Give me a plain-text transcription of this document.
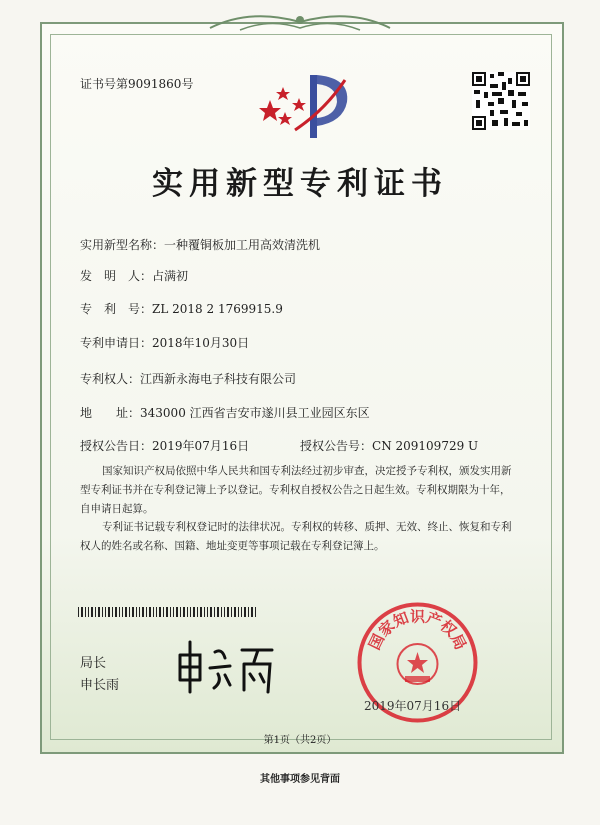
证书号第9091860号
实用新型专利证书
实用新型名称：一种覆铜板加工用高效清洗机
发　明　人：占满初
专　利　号：ZL 2018 2 1769915.9
专利申请日：2018年10月30日
专利权人：江西新永海电子科技有限公司
地　　址：343000 江西省吉安市遂川县工业园区东区
授权公告日：2019年07月16日	授权公告号：CN 209109729 U
国家知识产权局依照中华人民共和国专利法经过初步审查，决定授予专利权，颁发实用新型专利证书并在专利登记簿上予以登记。专利权自授权公告之日起生效。专利权期限为十年，自申请日起算。
专利证书记载专利权登记时的法律状况。专利权的转移、质押、无效、终止、恢复和专利权人的姓名或名称、国籍、地址变更等事项记载在专利登记簿上。
局长
申长雨
国家知识产权局
2019年07月16日
第1页（共2页）
其他事项参见背面
